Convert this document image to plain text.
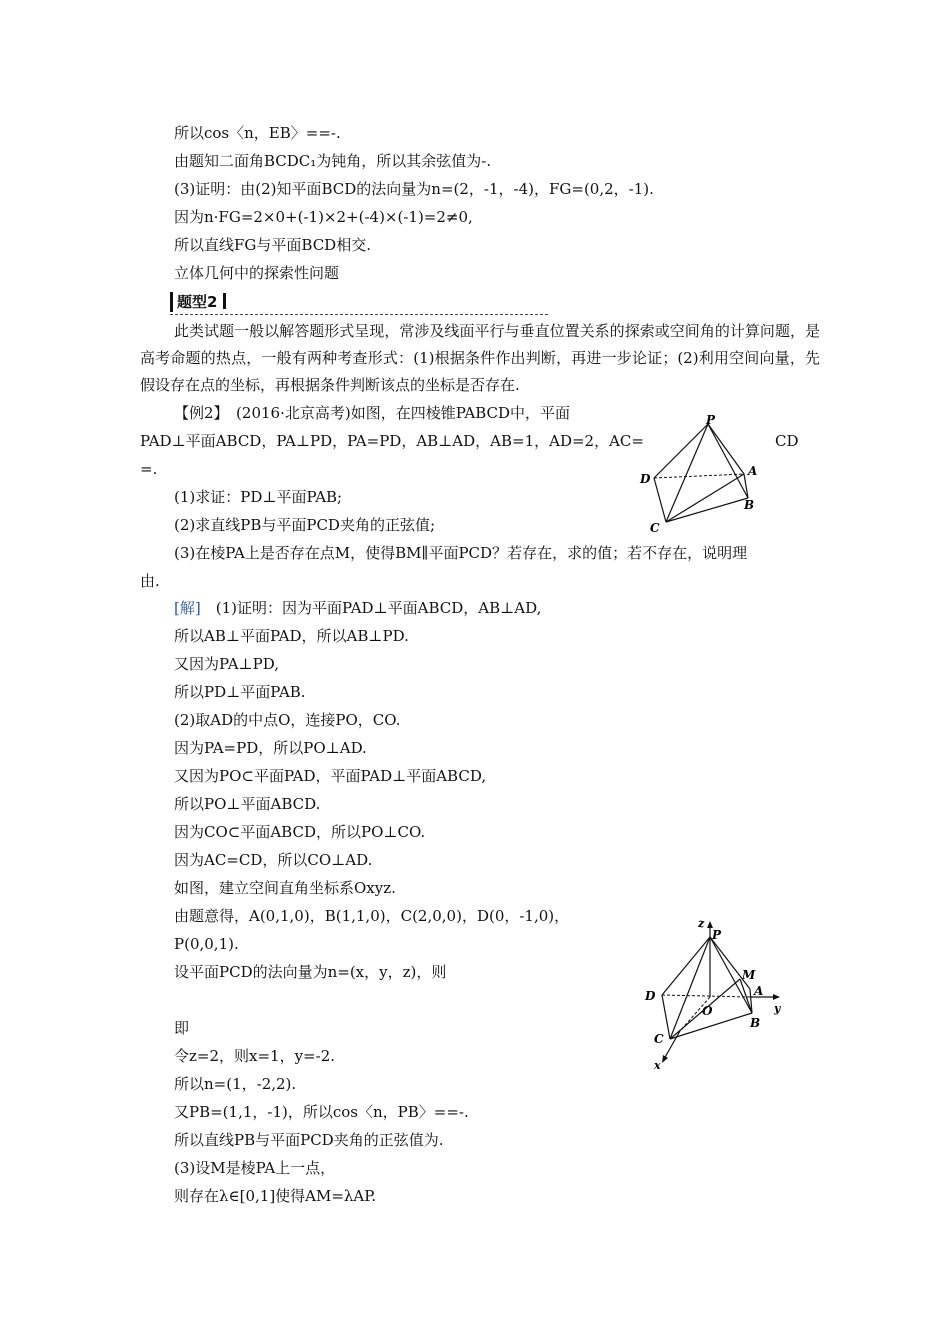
所以cos〈n，EB〉==-.
由题知二面角BCDC₁为钝角，所以其余弦值为-.
(3)证明：由(2)知平面BCD的法向量为n=(2，-1，-4)，FG=(0,2，-1).
因为n·FG=2×0+(-1)×2+(-4)×(-1)=2≠0,
所以直线FG与平面BCD相交.
立体几何中的探索性问题
题型2
此类试题一般以解答题形式呈现，常涉及线面平行与垂直位置关系的探索或空间角的计算问题，是高考命题的热点，一般有两种考查形式：(1)根据条件作出判断，再进一步论证；(2)利用空间向量，先假设存在点的坐标，再根据条件判断该点的坐标是否存在.
【例2】　(2016·北京高考)如图，在四棱锥PABCD中，平面
PAD⊥平面ABCD，PA⊥PD，PA=PD，AB⊥AD，AB=1，AD=2，AC=	CD
=.
(1)求证：PD⊥平面PAB;
(2)求直线PB与平面PCD夹角的正弦值;
(3)在棱PA上是否存在点M，使得BM∥平面PCD？若存在，求的值；若不存在，说明理
由.
P
D
A
B
C
[解]　 (1)证明：因为平面PAD⊥平面ABCD，AB⊥AD,
所以AB⊥平面PAD，所以AB⊥PD.
又因为PA⊥PD,
所以PD⊥平面PAB.
(2)取AD的中点O，连接PO，CO.
因为PA=PD，所以PO⊥AD.
又因为PO⊂平面PAD，平面PAD⊥平面ABCD,
所以PO⊥平面ABCD.
因为CO⊂平面ABCD，所以PO⊥CO.
因为AC=CD，所以CO⊥AD.
如图，建立空间直角坐标系Oxyz.
由题意得，A(0,1,0)，B(1,1,0)，C(2,0,0)，D(0，-1,0)，
P(0,0,1).
设平面PCD的法向量为n=(x，y，z)，则
即
令z=2，则x=1，y=-2.
所以n=(1，-2,2).
又PB=(1,1，-1)，所以cos〈n，PB〉==-.
所以直线PB与平面PCD夹角的正弦值为.
(3)设M是棱PA上一点，
则存在λ∈[0,1]使得AM=λAP.
z
P
M
A
y
D
O
B
C
x
